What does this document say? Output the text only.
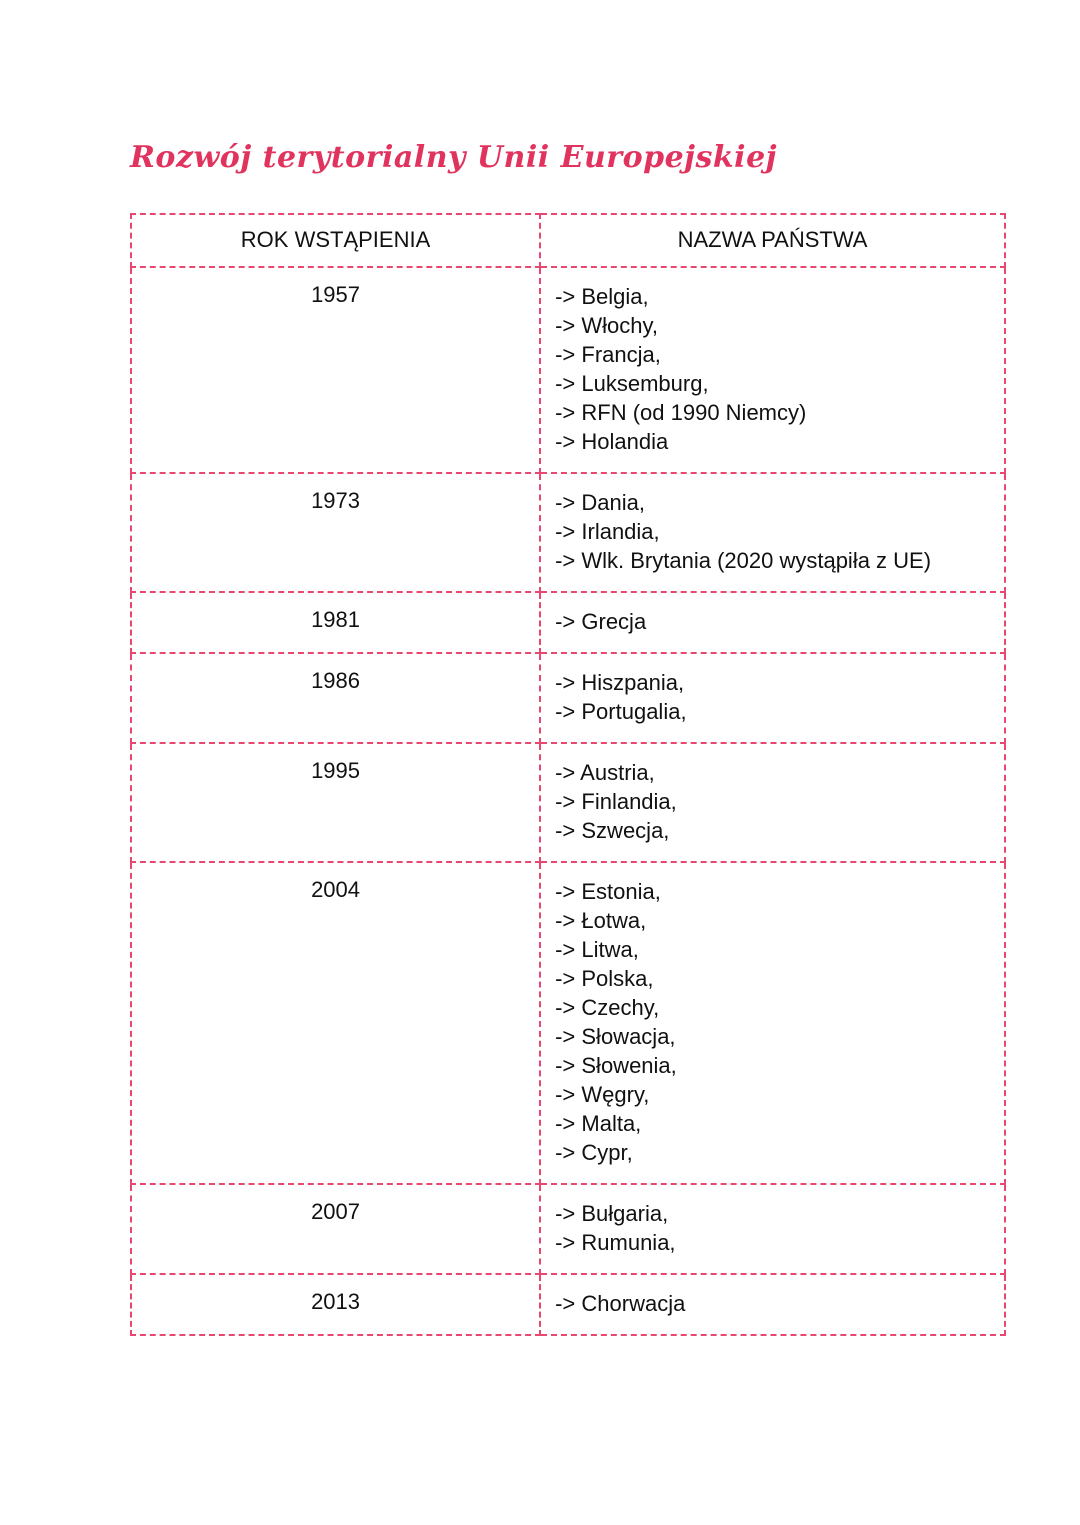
Rozwój terytorialny Unii Europejskiej
ROK WSTĄPIENIA	NAZWA PAŃSTWA
1957	-> Belgia,
-> Włochy,
-> Francja,
-> Luksemburg,
-> RFN (od 1990 Niemcy)
-> Holandia

1973	-> Dania,
-> Irlandia,
-> Wlk. Brytania (2020 wystąpiła z UE)

1981	-> Grecja

1986	-> Hiszpania,
-> Portugalia,

1995	-> Austria,
-> Finlandia,
-> Szwecja,

2004	-> Estonia,
-> Łotwa,
-> Litwa,
-> Polska,
-> Czechy,
-> Słowacja,
-> Słowenia,
-> Węgry,
-> Malta,
-> Cypr,

2007	-> Bułgaria,
-> Rumunia,

2013	-> Chorwacja
